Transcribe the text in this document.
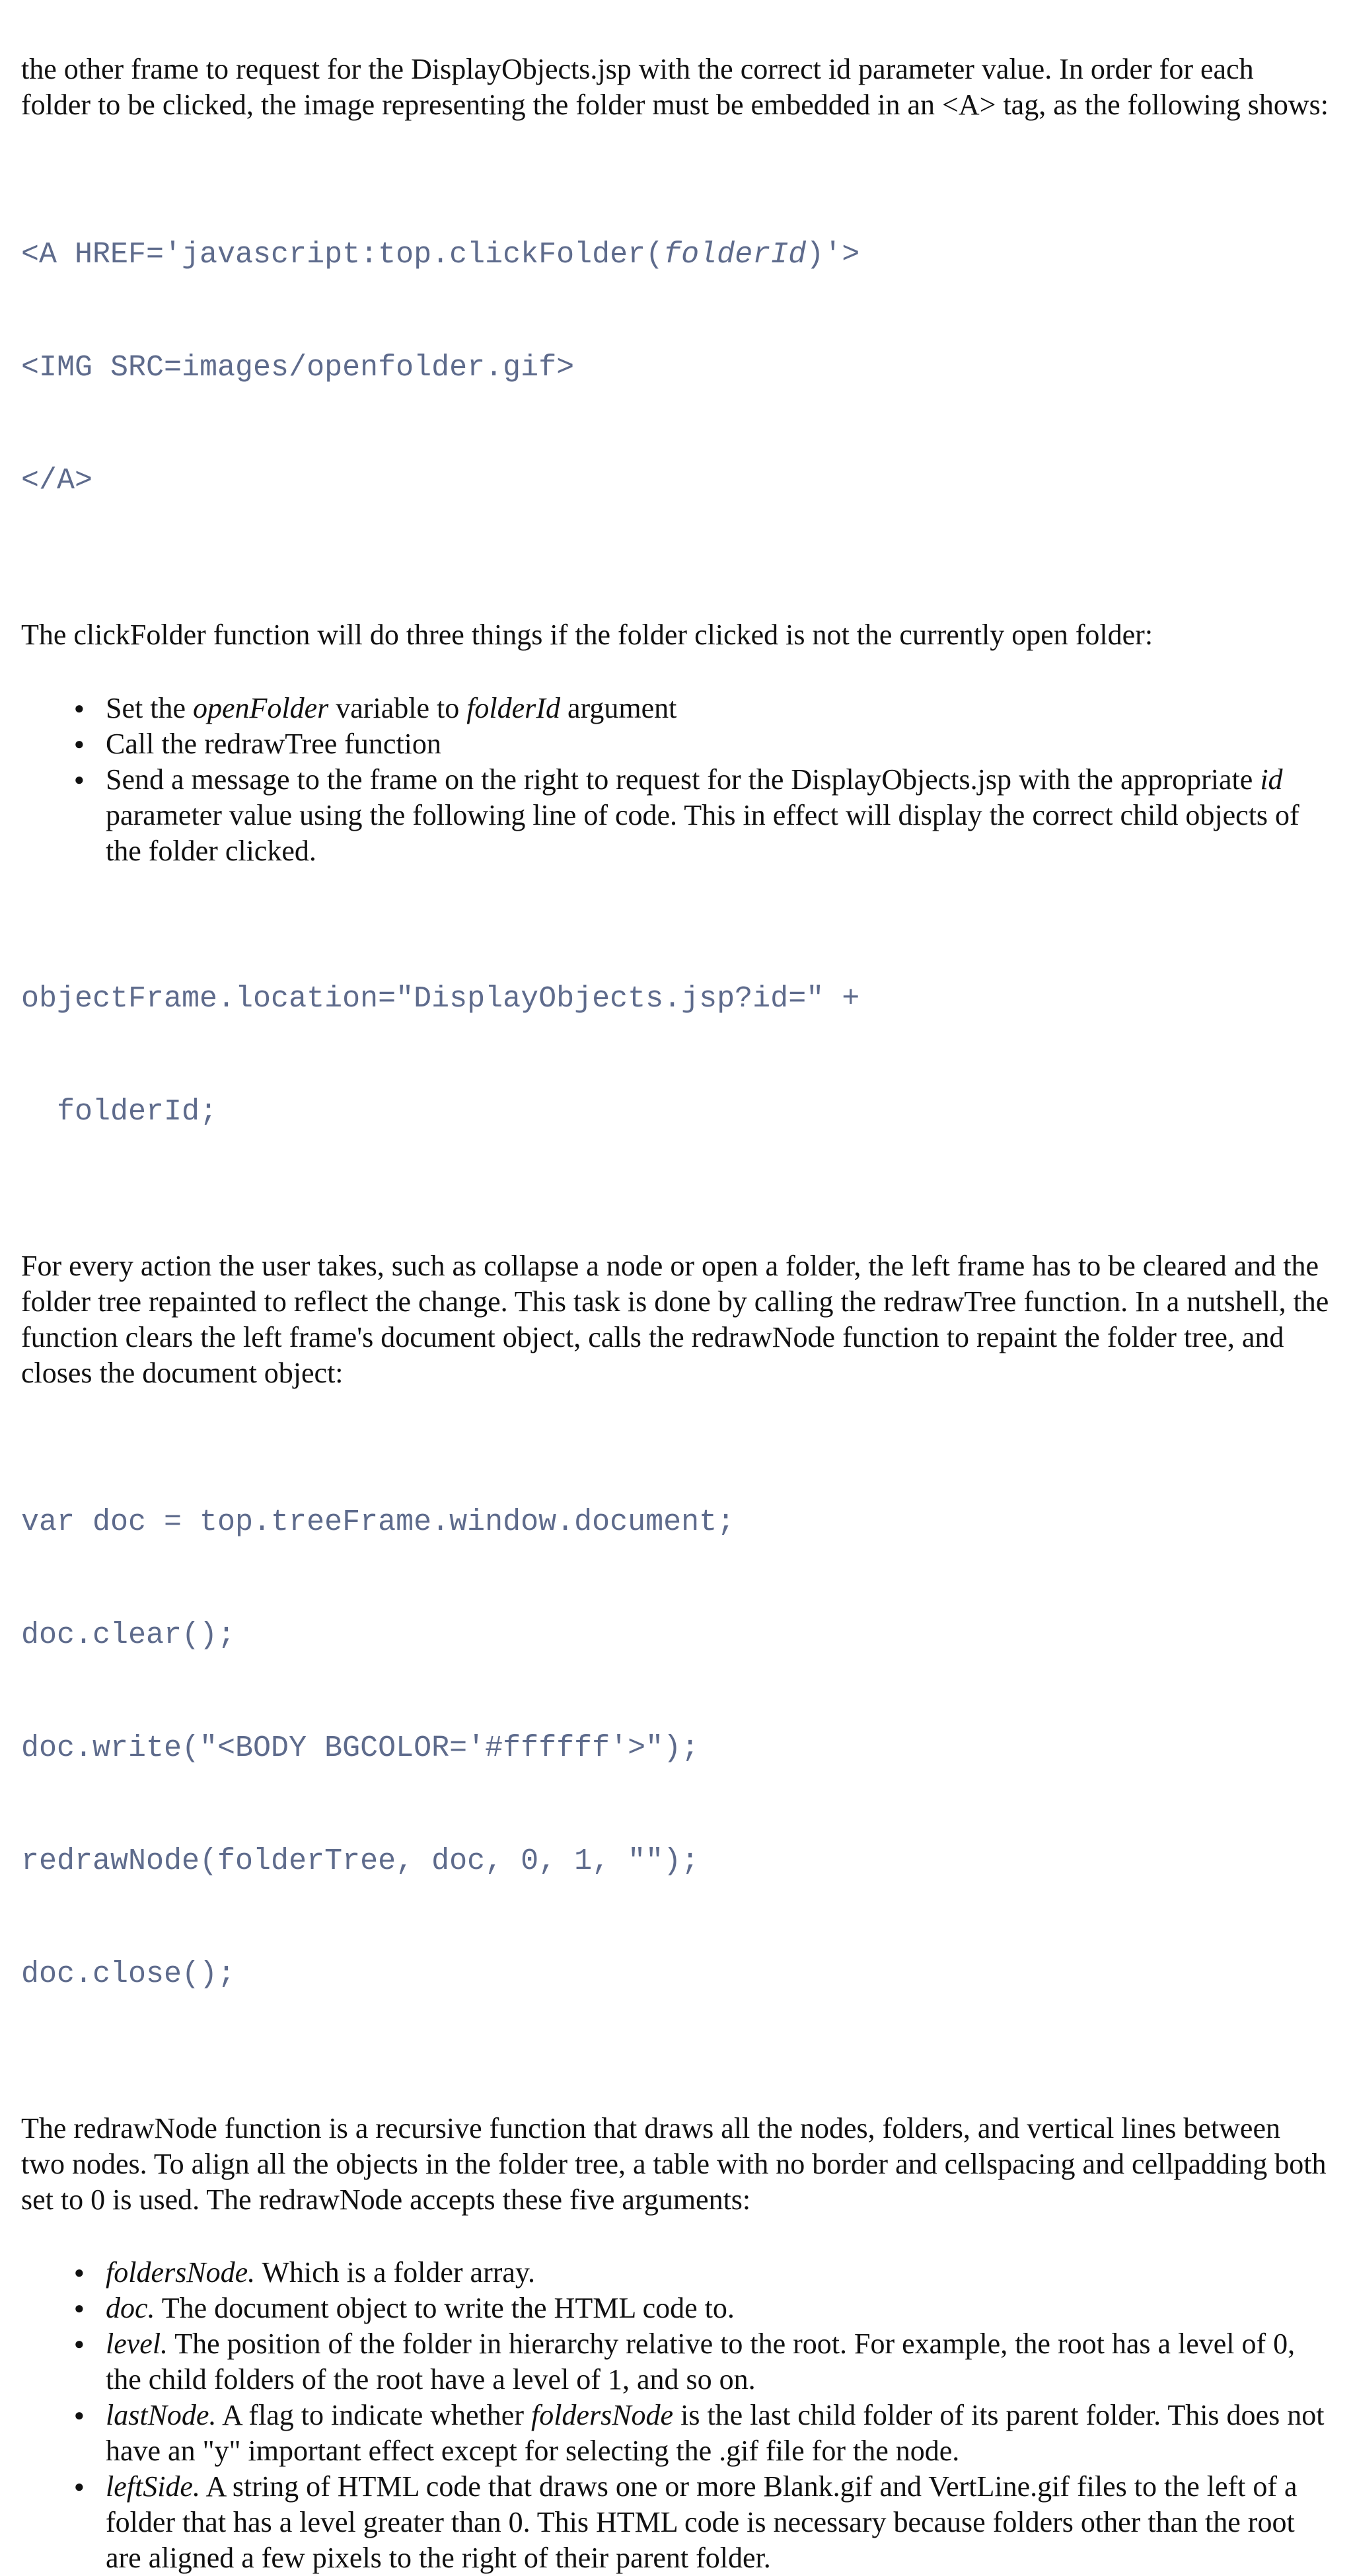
the other frame to request for the DisplayObjects.jsp with the correct id parameter value. In order for each folder to be clicked, the image representing the folder must be embedded in an <A> tag, as the following shows:

<A HREF='javascript:top.clickFolder(folderId)'>

<IMG SRC=images/openfolder.gif>

</A>

The clickFolder function will do three things if the folder clicked is not the currently open folder:

● Set the openFolder variable to folderId argument
● Call the redrawTree function
● Send a message to the frame on the right to request for the DisplayObjects.jsp with the appropriate id parameter value using the following line of code. This in effect will display the correct child objects of the folder clicked.

objectFrame.location="DisplayObjects.jsp?id=" +

folderId;

For every action the user takes, such as collapse a node or open a folder, the left frame has to be cleared and the folder tree repainted to reflect the change. This task is done by calling the redrawTree function. In a nutshell, the function clears the left frame's document object, calls the redrawNode function to repaint the folder tree, and closes the document object:

var doc = top.treeFrame.window.document;

doc.clear();

doc.write("<BODY BGCOLOR='#ffffff'>");

redrawNode(folderTree, doc, 0, 1, "");

doc.close();

The redrawNode function is a recursive function that draws all the nodes, folders, and vertical lines between two nodes. To align all the objects in the folder tree, a table with no border and cellspacing and cellpadding both set to 0 is used. The redrawNode accepts these five arguments:

● foldersNode. Which is a folder array.
● doc. The document object to write the HTML code to.
● level. The position of the folder in hierarchy relative to the root. For example, the root has a level of 0, the child folders of the root have a level of 1, and so on.
● lastNode. A flag to indicate whether foldersNode is the last child folder of its parent folder. This does not have an "y" important effect except for selecting the .gif file for the node.
● leftSide. A string of HTML code that draws one or more Blank.gif and VertLine.gif files to the left of a folder that has a level greater than 0. This HTML code is necessary because folders other than the root are aligned a few pixels to the right of their parent folder.
